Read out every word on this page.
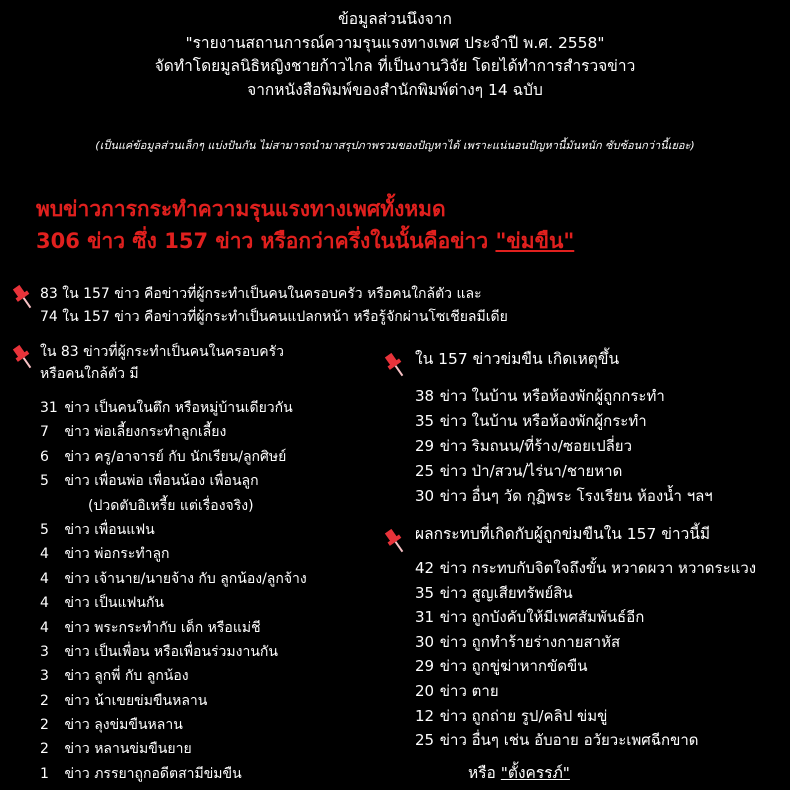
ข้อมูลส่วนนึงจาก
"รายงานสถานการณ์ความรุนแรงทางเพศ ประจำปี พ.ศ. 2558"
จัดทำโดยมูลนิธิหญิงชายก้าวไกล ที่เป็นงานวิจัย โดยได้ทำการสำรวจข่าว
จากหนังสือพิมพ์ของสำนักพิมพ์ต่างๆ 14 ฉบับ
(เป็นแค่ข้อมูลส่วนเล็กๆ แบ่งปันกัน ไม่สามารถนำมาสรุปภาพรวมของปัญหาได้ เพราะแน่นอนปัญหานี้มันหนัก ซับซ้อนกว่านี้เยอะ)
พบข่าวการกระทำความรุนแรงทางเพศทั้งหมด
306 ข่าว ซึ่ง 157 ข่าว หรือกว่าครึ่งในนั้นคือข่าว "ข่มขืน"
83 ใน 157 ข่าว คือข่าวที่ผู้กระทำเป็นคนในครอบครัว หรือคนใกล้ตัว และ
74 ใน 157 ข่าว คือข่าวที่ผู้กระทำเป็นคนแปลกหน้า หรือรู้จักผ่านโซเชียลมีเดีย
ใน 83 ข่าวที่ผู้กระทำเป็นคนในครอบครัว
หรือคนใกล้ตัว มี
31 ข่าว เป็นคนในตึก หรือหมู่บ้านเดียวกัน
7 ข่าว พ่อเลี้ยงกระทำลูกเลี้ยง
6 ข่าว ครู/อาจารย์ กับ นักเรียน/ลูกศิษย์
5 ข่าว เพื่อนพ่อ เพื่อนน้อง เพื่อนลูก
(ปวดตับอิเหรี้ย แต่เรื่องจริง)
5 ข่าว เพื่อนแฟน
4 ข่าว พ่อกระทำลูก
4 ข่าว เจ้านาย/นายจ้าง กับ ลูกน้อง/ลูกจ้าง
4 ข่าว เป็นแฟนกัน
4 ข่าว พระกระทำกับ เด็ก หรือแม่ชี
3 ข่าว เป็นเพื่อน หรือเพื่อนร่วมงานกัน
3 ข่าว ลูกพี่ กับ ลูกน้อง
2 ข่าว น้าเขยข่มขืนหลาน
2 ข่าว ลุงข่มขืนหลาน
2 ข่าว หลานข่มขืนยาย
1 ข่าว ภรรยาถูกอดีตสามีข่มขืน
ใน 157 ข่าวข่มขืน เกิดเหตุขึ้น
38 ข่าว ในบ้าน หรือห้องพักผู้ถูกกระทำ
35 ข่าว ในบ้าน หรือห้องพักผู้กระทำ
29 ข่าว ริมถนน/ที่ร้าง/ซอยเปลี่ยว
25 ข่าว ป่า/สวน/ไร่นา/ชายหาด
30 ข่าว อื่นๆ วัด กุฏิพระ โรงเรียน ห้องน้ำ ฯลฯ
ผลกระทบที่เกิดกับผู้ถูกข่มขืนใน 157 ข่าวนี้มี
42 ข่าว กระทบกับจิตใจถึงขั้น หวาดผวา หวาดระแวง
35 ข่าว สูญเสียทรัพย์สิน
31 ข่าว ถูกบังคับให้มีเพศสัมพันธ์อีก
30 ข่าว ถูกทำร้ายร่างกายสาหัส
29 ข่าว ถูกขู่ฆ่าหากขัดขืน
20 ข่าว ตาย
12 ข่าว ถูกถ่าย รูป/คลิป ข่มขู่
25 ข่าว อื่นๆ เช่น อับอาย อวัยวะเพศฉีกขาด
หรือ "ตั้งครรภ์"
